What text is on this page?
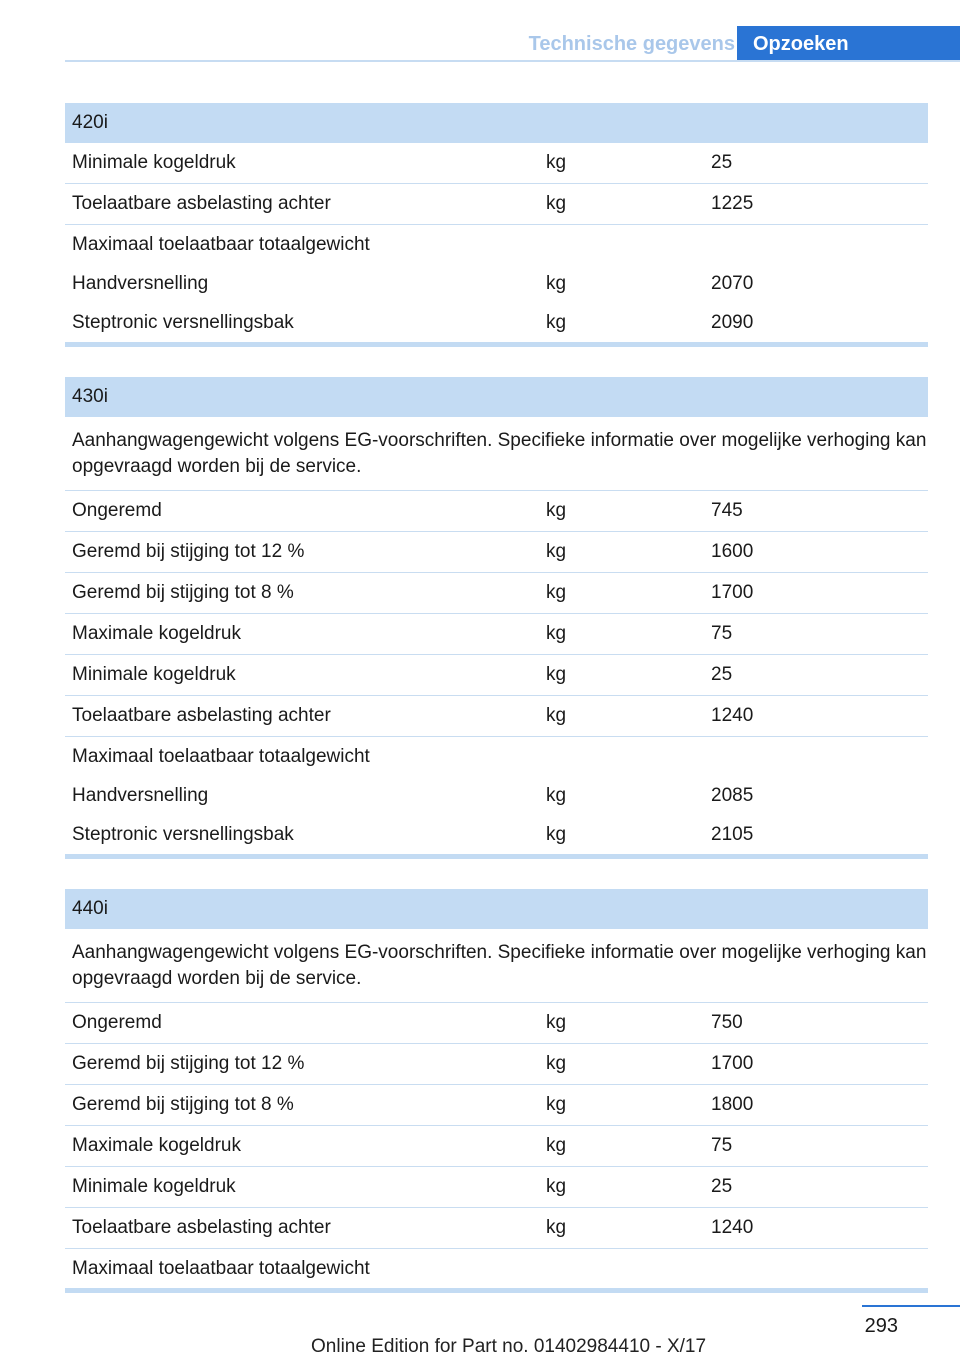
Technische gegevens Opzoeken
420i
Minimale kogeldruk	kg	25
Toelaatbare asbelasting achter	kg	1225
Maximaal toelaatbaar totaalgewicht
Handversnelling	kg	2070
Steptronic versnellingsbak	kg	2090
430i
Aanhangwagengewicht volgens EG-voorschriften. Specifieke informatie over mogelijke verhoging kan opgevraagd worden bij de service.
Ongeremd	kg	745
Geremd bij stijging tot 12 %	kg	1600
Geremd bij stijging tot 8 %	kg	1700
Maximale kogeldruk	kg	75
Minimale kogeldruk	kg	25
Toelaatbare asbelasting achter	kg	1240
Maximaal toelaatbaar totaalgewicht
Handversnelling	kg	2085
Steptronic versnellingsbak	kg	2105
440i
Aanhangwagengewicht volgens EG-voorschriften. Specifieke informatie over mogelijke verhoging kan opgevraagd worden bij de service.
Ongeremd	kg	750
Geremd bij stijging tot 12 %	kg	1700
Geremd bij stijging tot 8 %	kg	1800
Maximale kogeldruk	kg	75
Minimale kogeldruk	kg	25
Toelaatbare asbelasting achter	kg	1240
Maximaal toelaatbaar totaalgewicht
293
Online Edition for Part no. 01402984410 - X/17
